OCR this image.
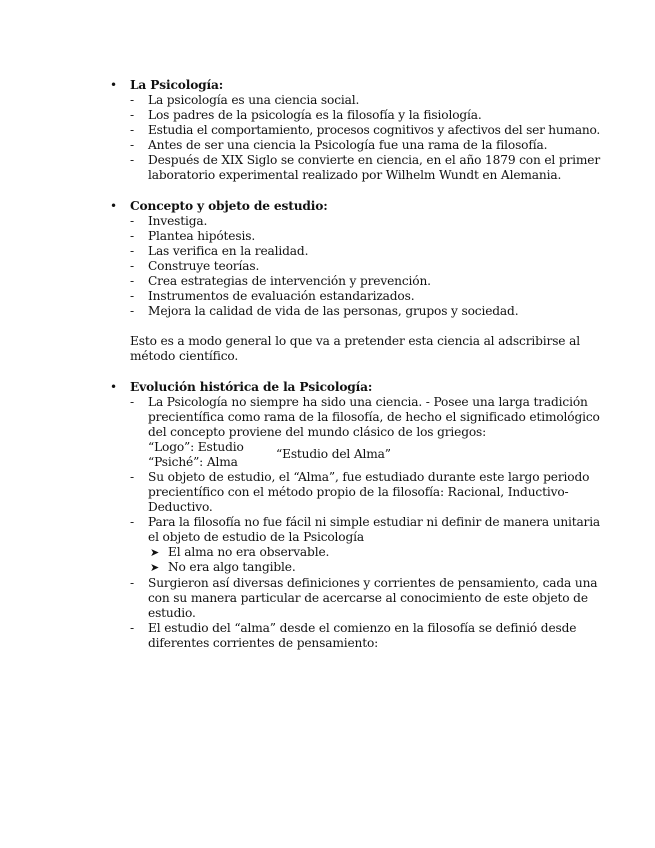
• La Psicología:
- La psicología es una ciencia social.
- Los padres de la psicología es la filosofía y la fisiología.
- Estudia el comportamiento, procesos cognitivos y afectivos del ser humano.
- Antes de ser una ciencia la Psicología fue una rama de la filosofía.
- Después de XIX Siglo se convierte en ciencia, en el año 1879 con el primer
laboratorio experimental realizado por Wilhelm Wundt en Alemania.
• Concepto y objeto de estudio:
- Investiga.
- Plantea hipótesis.
- Las verifica en la realidad.
- Construye teorías.
- Crea estrategias de intervención y prevención.
- Instrumentos de evaluación estandarizados.
- Mejora la calidad de vida de las personas, grupos y sociedad.
Esto es a modo general lo que va a pretender esta ciencia al adscribirse al
método científico.
• Evolución histórica de la Psicología:
- La Psicología no siempre ha sido una ciencia. - Posee una larga tradición
precientífica como rama de la filosofía, de hecho el significado etimológico
del concepto proviene del mundo clásico de los griegos:
“Logo”: Estudio
“Psiché”: Alma
“Estudio del Alma”
- Su objeto de estudio, el “Alma”, fue estudiado durante este largo periodo
precientífico con el método propio de la filosofía: Racional, Inductivo-
Deductivo.
- Para la filosofía no fue fácil ni simple estudiar ni definir de manera unitaria
el objeto de estudio de la Psicología
➤ El alma no era observable.
➤ No era algo tangible.
- Surgieron así diversas definiciones y corrientes de pensamiento, cada una
con su manera particular de acercarse al conocimiento de este objeto de
estudio.
- El estudio del “alma” desde el comienzo en la filosofía se definió desde
diferentes corrientes de pensamiento:
